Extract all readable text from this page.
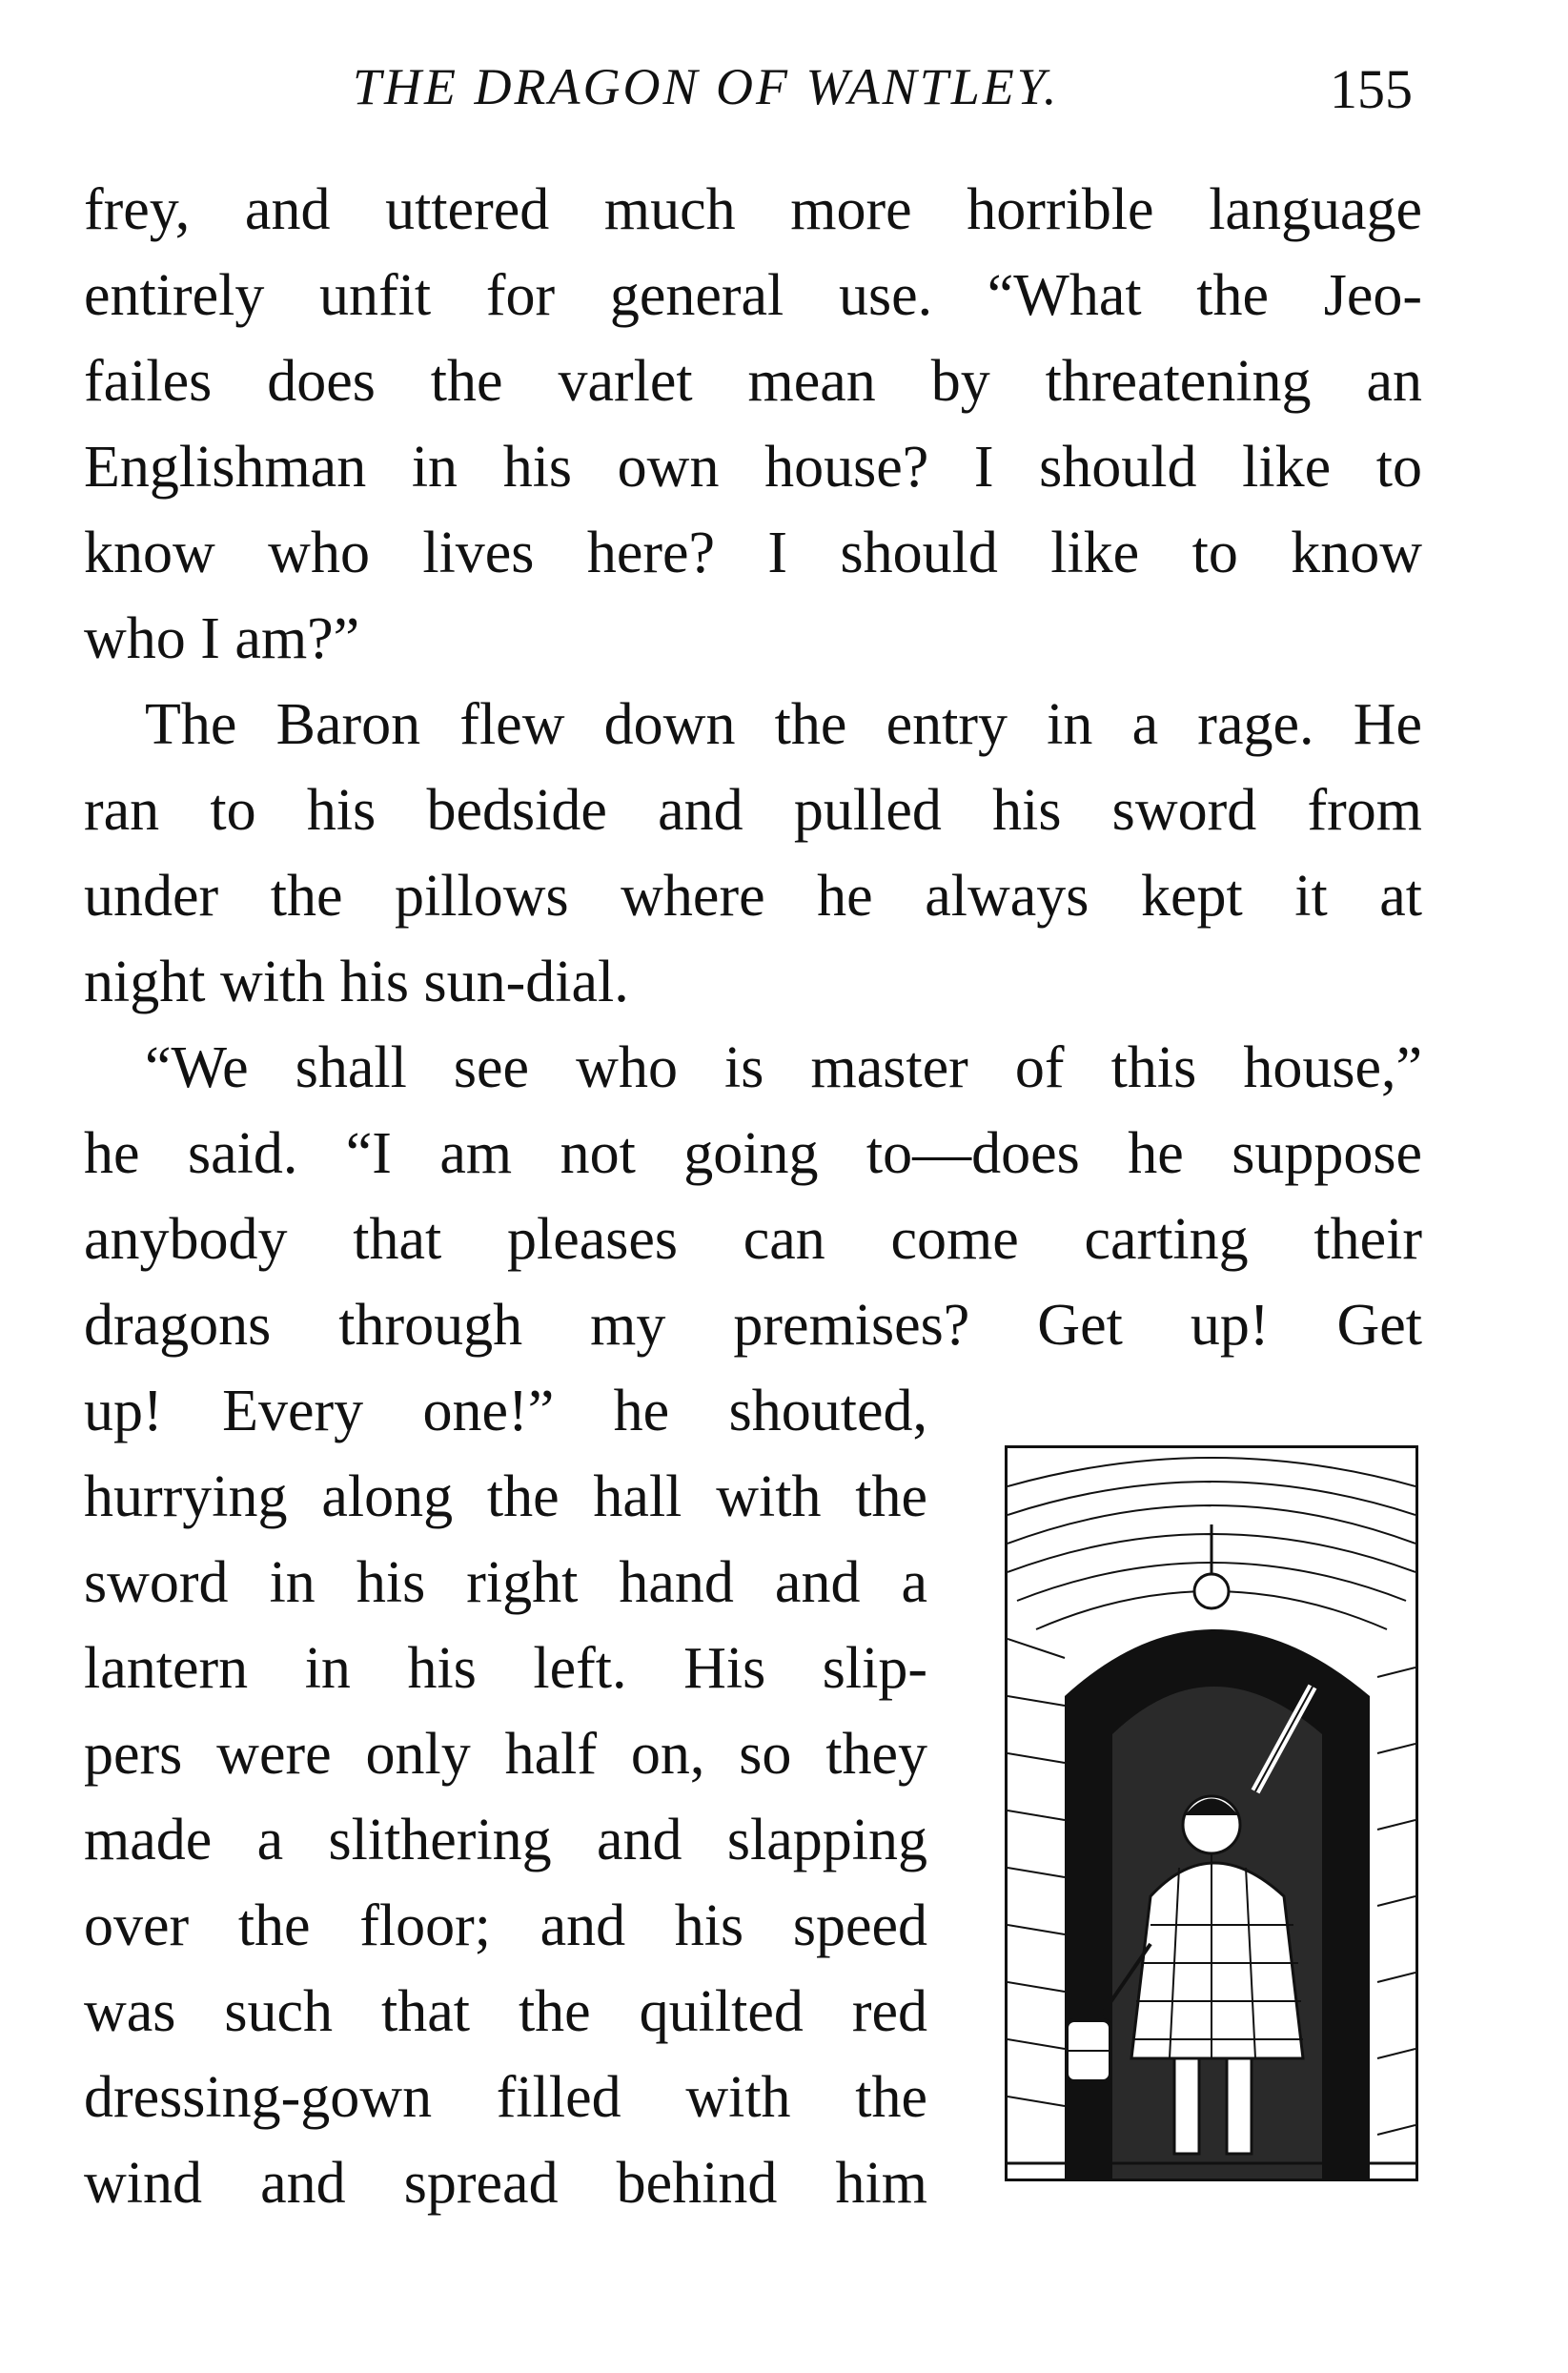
THE DRAGON OF WANTLEY.	155
frey, and uttered much more horrible language
entirely unfit for general use. “What the Jeo-
failes does the varlet mean by threatening an
Englishman in his own house? I should like to
know who lives here? I should like to know
who I am?”
The Baron flew down the entry in a rage. He
ran to his bedside and pulled his sword from
under the pillows where he always kept it at
night with his sun-dial.
“We shall see who is master of this house,”
he said. “I am not going to—does he suppose
anybody that pleases can come carting their
dragons through my premises? Get up! Get
up! Every one!” he shouted,
hurrying along the hall with the
sword in his right hand and a
lantern in his left. His slip-
pers were only half on, so they
made a slithering and slapping
over the floor; and his speed
was such that the quilted red
dressing-gown filled with the
wind and spread behind him
